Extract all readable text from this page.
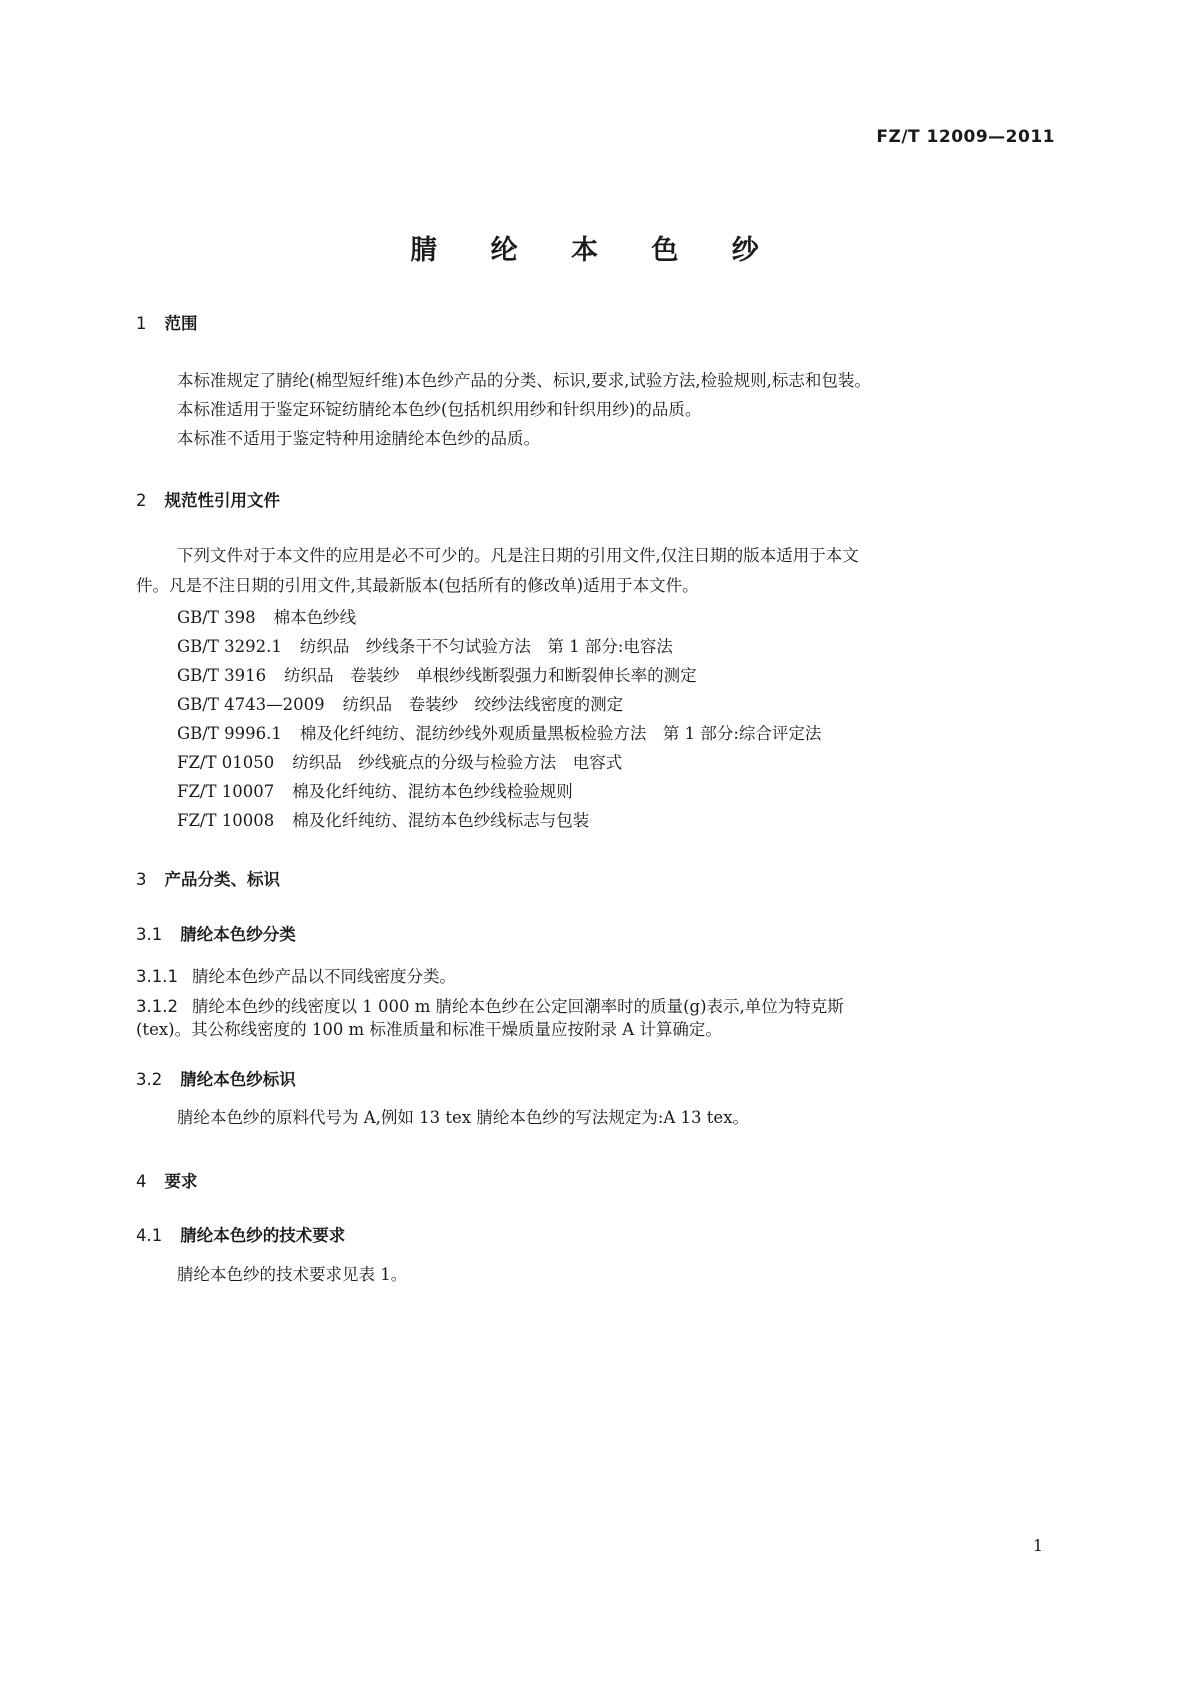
FZ/T 12009—2011
腈 纶 本 色 纱
1 范围
本标准规定了腈纶(棉型短纤维)本色纱产品的分类、标识,要求,试验方法,检验规则,标志和包装。
本标准适用于鉴定环锭纺腈纶本色纱(包括机织用纱和针织用纱)的品质。
本标准不适用于鉴定特种用途腈纶本色纱的品质。
2 规范性引用文件
下列文件对于本文件的应用是必不可少的。凡是注日期的引用文件,仅注日期的版本适用于本文
件。凡是不注日期的引用文件,其最新版本(包括所有的修改单)适用于本文件。
GB/T 398 棉本色纱线
GB/T 3292.1 纺织品　纱线条干不匀试验方法　第 1 部分:电容法
GB/T 3916 纺织品　卷装纱　单根纱线断裂强力和断裂伸长率的测定
GB/T 4743—2009 纺织品　卷装纱　绞纱法线密度的测定
GB/T 9996.1 棉及化纤纯纺、混纺纱线外观质量黑板检验方法　第 1 部分:综合评定法
FZ/T 01050 纺织品　纱线疵点的分级与检验方法　电容式
FZ/T 10007 棉及化纤纯纺、混纺本色纱线检验规则
FZ/T 10008 棉及化纤纯纺、混纺本色纱线标志与包装
3 产品分类、标识
3.1 腈纶本色纱分类
3.1.1 腈纶本色纱产品以不同线密度分类。
3.1.2 腈纶本色纱的线密度以 1 000 m 腈纶本色纱在公定回潮率时的质量(g)表示,单位为特克斯
(tex)。其公称线密度的 100 m 标准质量和标准干燥质量应按附录 A 计算确定。
3.2 腈纶本色纱标识
腈纶本色纱的原料代号为 A,例如 13 tex 腈纶本色纱的写法规定为:A 13 tex。
4 要求
4.1 腈纶本色纱的技术要求
腈纶本色纱的技术要求见表 1。
1
